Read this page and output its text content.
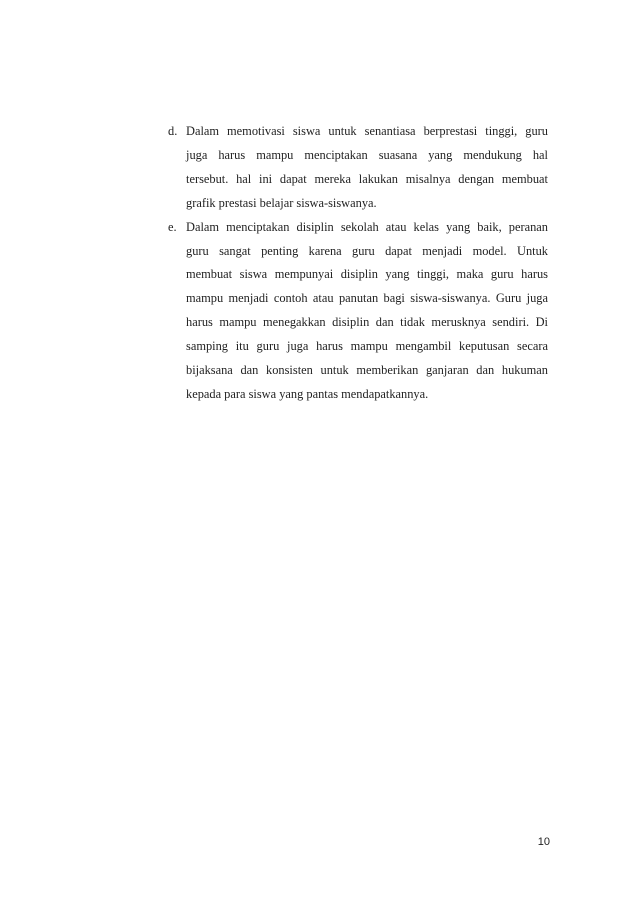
d. Dalam memotivasi siswa untuk senantiasa berprestasi tinggi, guru
juga harus mampu menciptakan suasana yang mendukung hal
tersebut. hal ini dapat mereka lakukan misalnya dengan membuat
grafik prestasi belajar siswa-siswanya.
e. Dalam menciptakan disiplin sekolah atau kelas yang baik, peranan
guru sangat penting karena guru dapat menjadi model. Untuk
membuat siswa mempunyai disiplin yang tinggi, maka guru harus
mampu menjadi contoh atau panutan bagi siswa-siswanya. Guru juga
harus mampu menegakkan disiplin dan tidak merusknya sendiri. Di
samping itu guru juga harus mampu mengambil keputusan secara
bijaksana dan konsisten untuk memberikan ganjaran dan hukuman
kepada para siswa yang pantas mendapatkannya.
10
